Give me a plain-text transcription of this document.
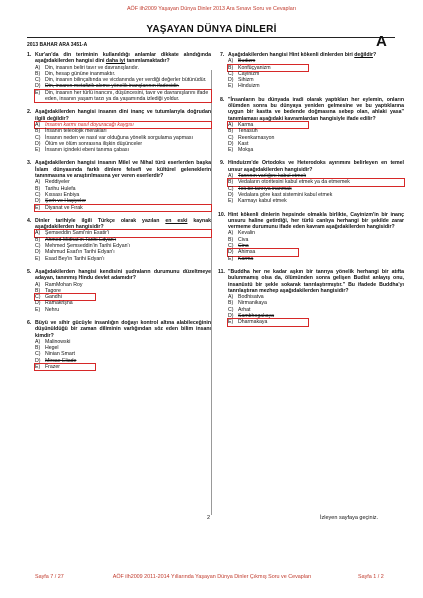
AÖF ilh2009 Yaşayan Dünya Dinler 2013 Ara Sınavı Soru ve Cevapları
YAŞAYAN DÜNYA DİNLERİ
2013 BAHAR ARA 3451-A	A
1. Kur'an'da din teriminin kullanıldığı anlamlar dikkate alındığında aşağıdakilerden hangisi dini daha iyi tanımlamaktadır?
A) Din, insanın beliri tavır ve davranışlarıdır.
B) Din, hesap gününe inanmaktır.
C) Din, insanın bilinçaltında ve vicdanında yer verdiği değerler bütünüdür.
D) Din, insanın metafizik aleme yönelik inançlarının ifadesidir.
E) Din, insanın her türlü inancını, düşüncesini, tavır ve davranışlarını ifade eden, insanın yaşam tarzı ya da yaşamında izlediği yoldur.
2. Aşağıdakilerden hangisi insanın dini inanç ve tutumlarıyla doğrudan ilgili değildir?
A) İnsanın karmı nasıl doyuracağı kaygısı
B) İnsanın teleolojik merakları
C) İnsanın neden ve nasıl var olduğuna yönelik sorgulama yapması
D) Ölüm ve ölüm sonrasına ilişkin düşünceler
E) İnsanın içindeki ebeni tanıma çabası
3. Aşağıdakilerden hangisi insanın Milel ve Nihal türü eserlerden başka İslam dünyasında farklı dinlere felsefi ve kültürel geleneklerin tanınmasına ve araştırılmasına yer veren eserlerdir?
A) Reddiyeler
B) Tarihu Hulefa
C) Kıssası Enbiya
D) Şerh ve Haşiyeler
E) Diyanat ve Fırak
4. Dinler tarihiyle ilgili Türkçe olarak yazılan en eski kaynak aşağıdakilerden hangisidir?
A) Şemseddin Sami'nin Esatir'i
B) Ahmed Midhat'ın Tarihi Edyan'ı
C) Mehmed Şemseddin'in Tarihi Edyan'ı
D) Mahmud Esat'ın Tarihi Edyan'ı
E) Esad Bey'in Tarihi Edyan'ı
5. Aşağıdakilerden hangisi kendisini şudraların durumunu düzeltmeye adayan, tanınmış Hindu devlet adamıdır?
A) RamMohan Roy
B) Tagore
C) Gandhi
D) Ramakrişna
E) Nehru
6. Büyü ve sihir gücüyle insanlığın doğayı kontrol altına alabileceğinin düşünüldüğü bir zaman diliminin varlığından söz eden bilim insanı kimdir?
A) Malinowski
B) Hegel
C) Ninian Smart
D) Mircae Eliade
E) Frazer
7. Aşağıdakilerden hangisi Hint kökenli dinlerden biri değildir?
A) Budizm
B) Konfüçyanizm
C) Cayinizm
D) Sihizm
E) Hinduizm
8. "İnsanların bu dünyada iradi olarak yaptıkları her eylemin, onların ölümden sonra bu dünyaya yeniden gelmesine ve bu yaptıklarına uygun bir kastta ve bedende doğmasına sebep olan, ahlaki yasa" tanımlaması aşağıdaki kavramlardan hangisiyle ifade edilir?
A) Karma
B) Tenasüh
C) Reenkarnasyon
D) Kast
E) Mokşa
9. Hinduizm'de Ortodoks ve Heterodoks ayırımını belirleyen en temel unsur aşağıdakilerden hangisidir?
A) Tanrının varlığını kabul etmek
B) Vedaların otoritesini kabul etmek ya da etmemek
C) Tek bir tanrıya inanmak
D) Vedalara göre kast sistemini kabul etmek
E) Karmayı kabul etmek
10. Hint kökenli dinlerin hepsinde olmakla birlikte, Cayinizm'in bir inanç unsuru haline getirdiği, her türlü canlıya herhangi bir şekilde zarar vermeme durumunu ifade eden kavram aşağıdakilerden hangisidir?
A) Kevalin
B) Civa
C) Cina
D) Ahimsa
E) Karma
11. "Buddha her ne kadar aşkın bir tanrıya yönelik herhangi bir atıfta bulunmamış olsa da, ölümünden sonra gelişen Budist anlayış onu, insanüstü bir şekle sokarak tanrılaştırmıştır." Bu ifadede Buddha'yı tanrılaştıran mezhep aşağıdakilerden hangisidir?
A) Bodhisatva
B) Nirmanikaya
C) Arhat
D) Sambhogakaya
E) Dharmakaya
2	İzleyen sayfaya geçiniz.
Sayfa 7 / 27	AÖF ilh2009 2011-2014 Yıllarında Yaşayan Dünya Dinler Çıkmış Soru ve Cevapları	Sayfa 1 / 2
